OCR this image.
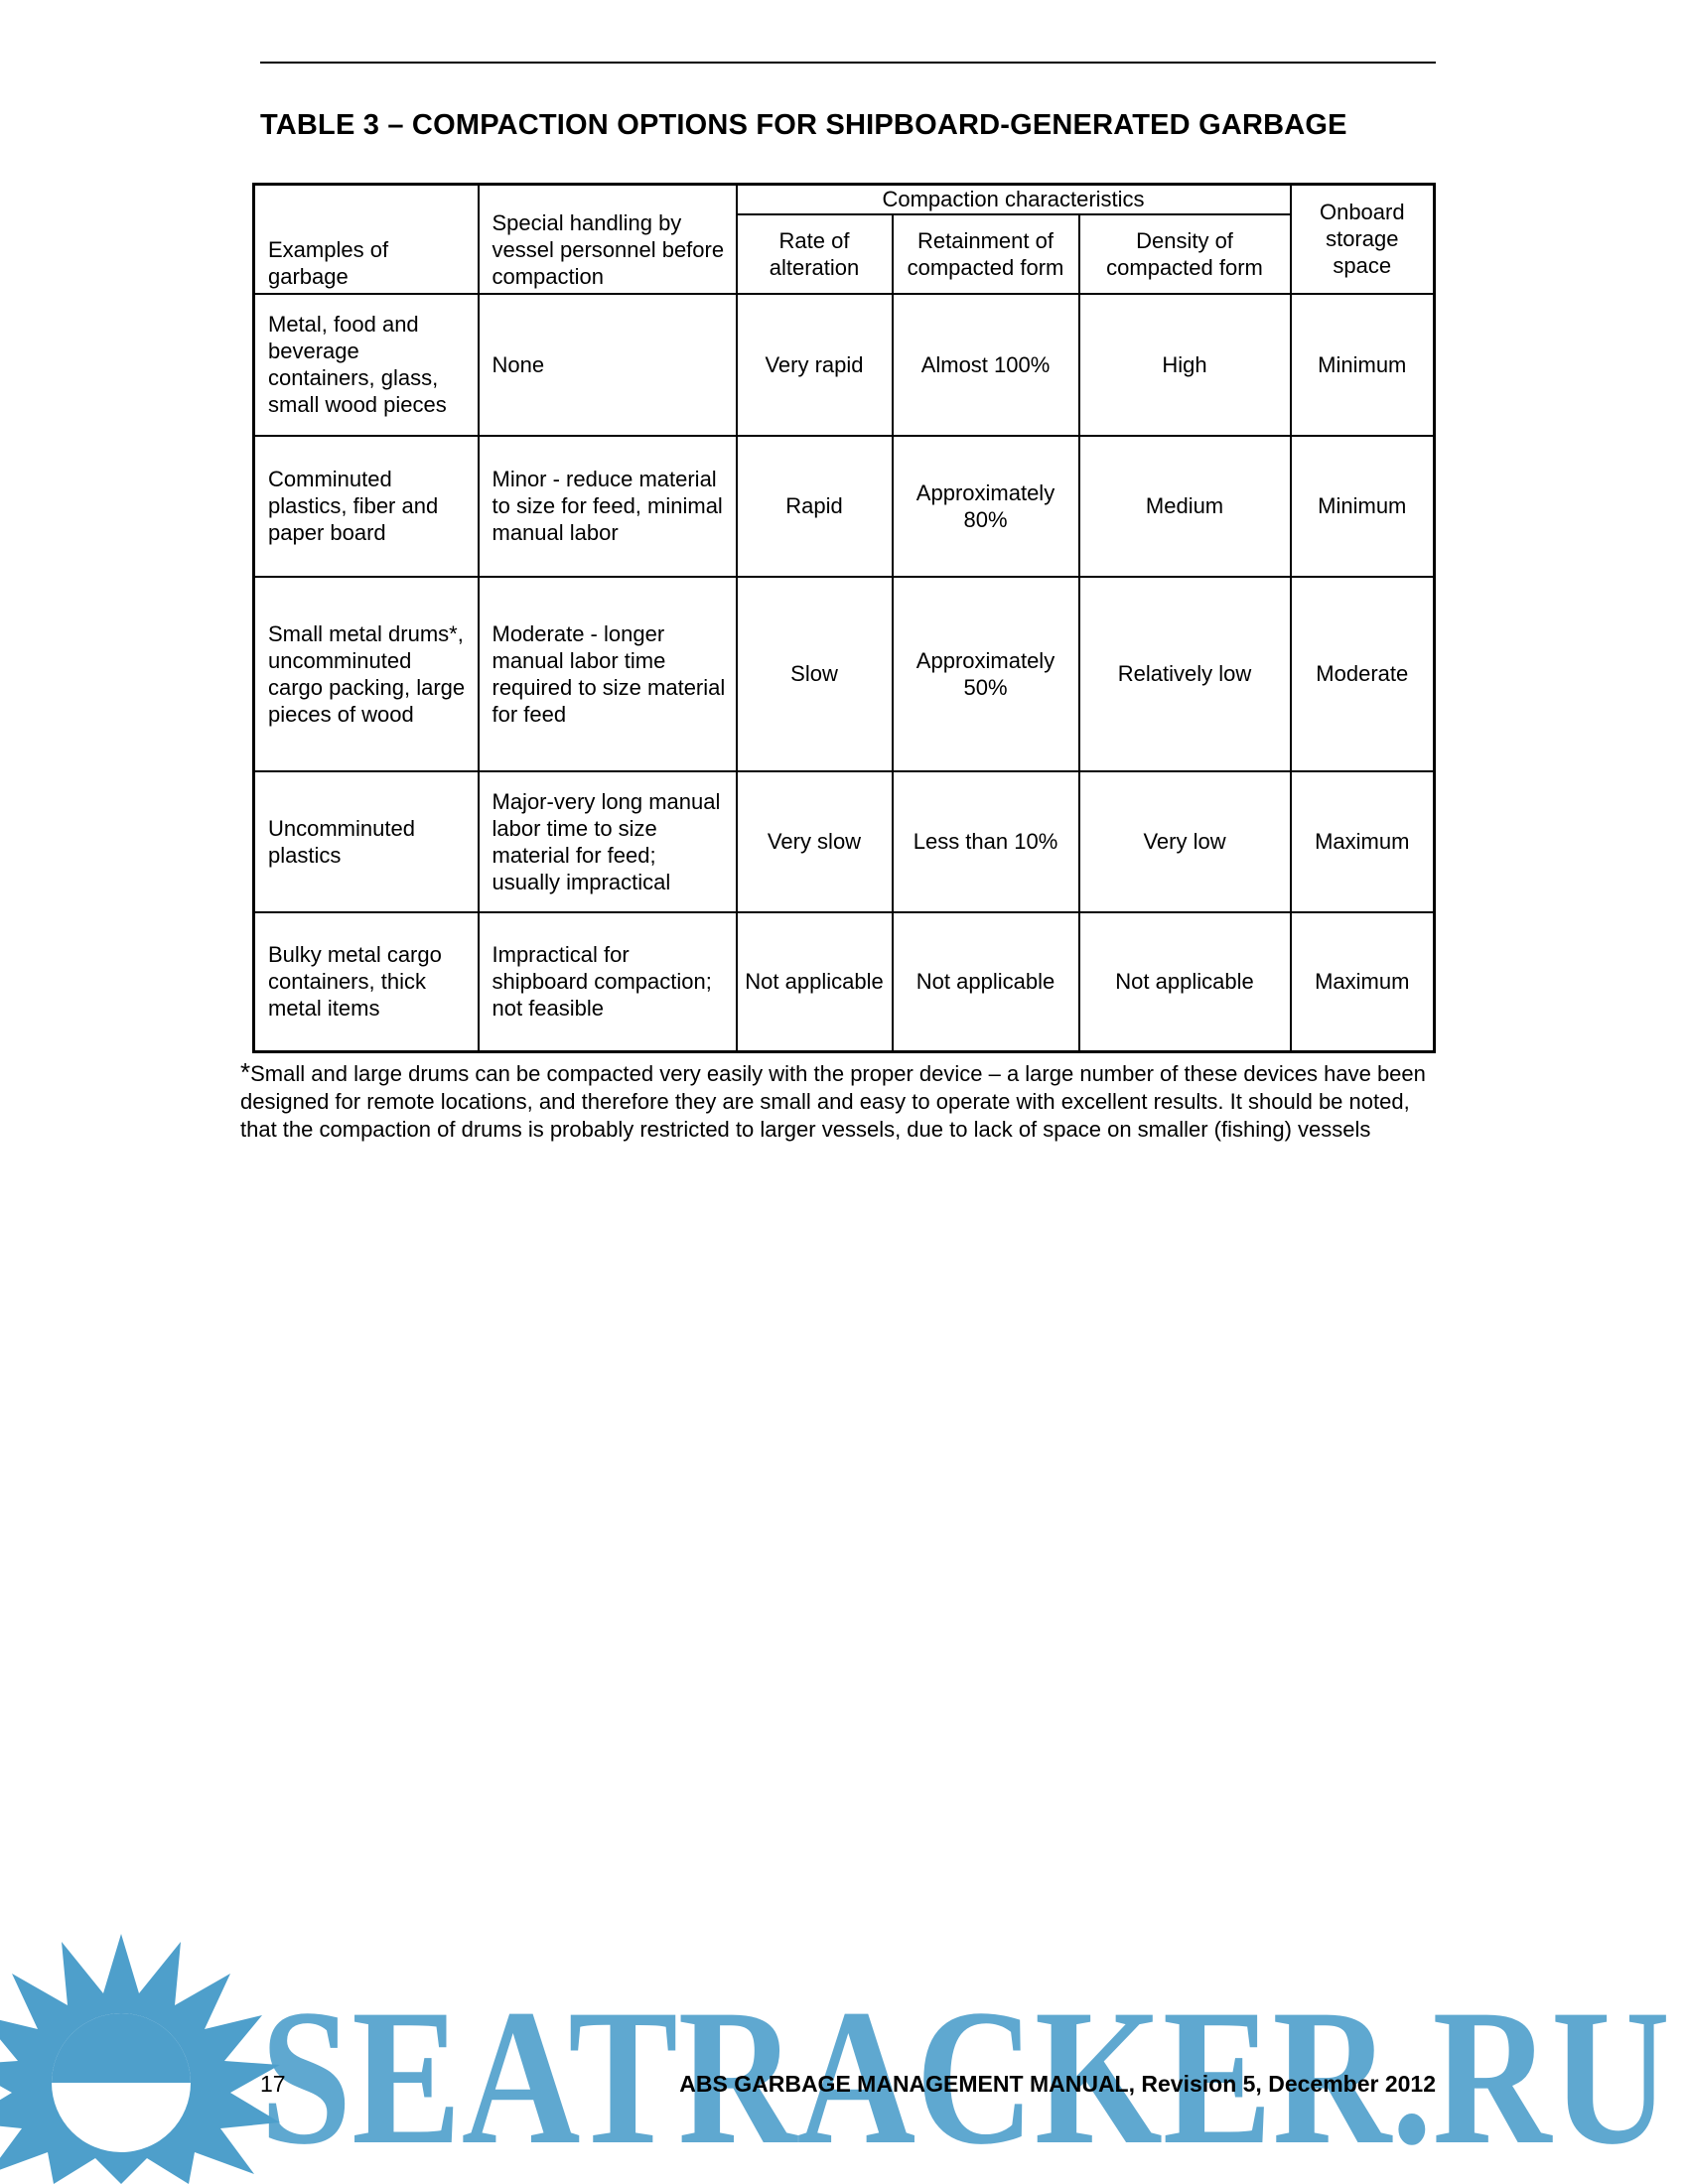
TABLE 3 – COMPACTION OPTIONS FOR SHIPBOARD-GENERATED GARBAGE
Examples of garbage	Special handling by vessel personnel before compaction	Compaction characteristics			Onboard storage space
		Rate of alteration	Retainment of compacted form	Density of compacted form	
Metal, food and beverage containers, glass, small wood pieces	None	Very rapid	Almost 100%	High	Minimum
Comminuted plastics, fiber and paper board	Minor - reduce material to size for feed, minimal manual labor	Rapid	Approximately 80%	Medium	Minimum
Small metal drums*, uncomminuted cargo packing, large pieces of wood	Moderate - longer manual labor time required to size material for feed	Slow	Approximately 50%	Relatively low	Moderate
Uncomminuted plastics	Major-very long manual labor time to size material for feed; usually impractical	Very slow	Less than 10%	Very low	Maximum
Bulky metal cargo containers, thick metal items	Impractical for shipboard compaction; not feasible	Not applicable	Not applicable	Not applicable	Maximum
*Small and large drums can be compacted very easily with the proper device – a large number of these devices have been designed for remote locations, and therefore they are small and easy to operate with excellent results. It should be noted, that the compaction of drums is probably restricted to larger vessels, due to lack of space on smaller (fishing) vessels
SEATRACKER.RU
17	ABS GARBAGE MANAGEMENT MANUAL, Revision 5, December 2012
